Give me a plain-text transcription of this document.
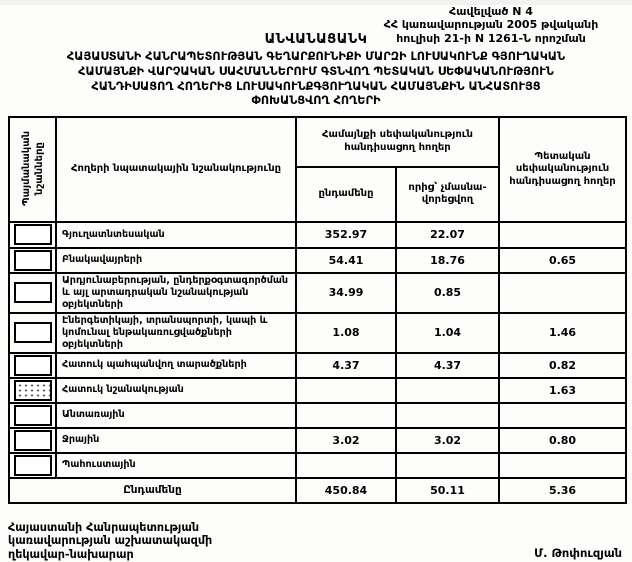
Հավելված N 4
ՀՀ կառավարության 2005 թվականի
հուլիսի 21-ի N 1261-Ն որոշման
ԱՆՎԱՆԱՑԱՆԿ
ՀԱՅԱՍՏԱՆԻ ՀԱՆՐԱՊԵՏՈՒԹՅԱՆ ԳԵՂԱՐՔՈՒՆԻՔԻ ՄԱՐԶԻ ԼՈՒՍԱԿՈՒՆՔ ԳՅՈՒՂԱԿԱՆ
ՀԱՄԱՅՆՔԻ ՎԱՐՉԱԿԱՆ ՍԱՀՄԱՆՆԵՐՈՒՄ ԳՏՆՎՈՂ ՊԵՏԱԿԱՆ ՍԵՓԱԿԱՆՈՒԹՅՈՒՆ
ՀԱՆԴԻՍԱՑՈՂ ՀՈՂԵՐԻՑ ԼՈՒՍԱԿՈՒՆՔԳՅՈՒՂԱԿԱՆ ՀԱՄԱՅՆՔԻՆ ԱՆՀԱՏՈՒՅՑ
ՓՈԽԱՆՑՎՈՂ ՀՈՂԵՐԻ
Պայմանական նշանները	Հողերի նպատակային նշանակությունը	Համայնքի սեփականություն հանդիսացող հողեր		Պետական սեփականություն հանդիսացող հողեր
		ընդամենը	որից՝ չմասնավորեցվող	
	Գյուղատնտեսական	352.97	22.07	
	Բնակավայրերի	54.41	18.76	0.65
	Արդյունաբերության, ընդերքօգտագործման և այլ արտադրական նշանակության օբյեկտների	34.99	0.85	
	Էներգետիկայի, տրանսպորտի, կապի և կոմունալ ենթակառուցվածքների օբյեկտների	1.08	1.04	1.46
	Հատուկ պահպանվող տարածքների	4.37	4.37	0.82
	Հատուկ նշանակության			1.63
	Անտառային			
	Ջրային	3.02	3.02	0.80
	Պահուստային			
Ընդամենը		450.84	50.11	5.36
Հայաստանի Հանրապետության
կառավարության աշխատակազմի
ղեկավար-նախարար	Մ. Թոփուզյան
